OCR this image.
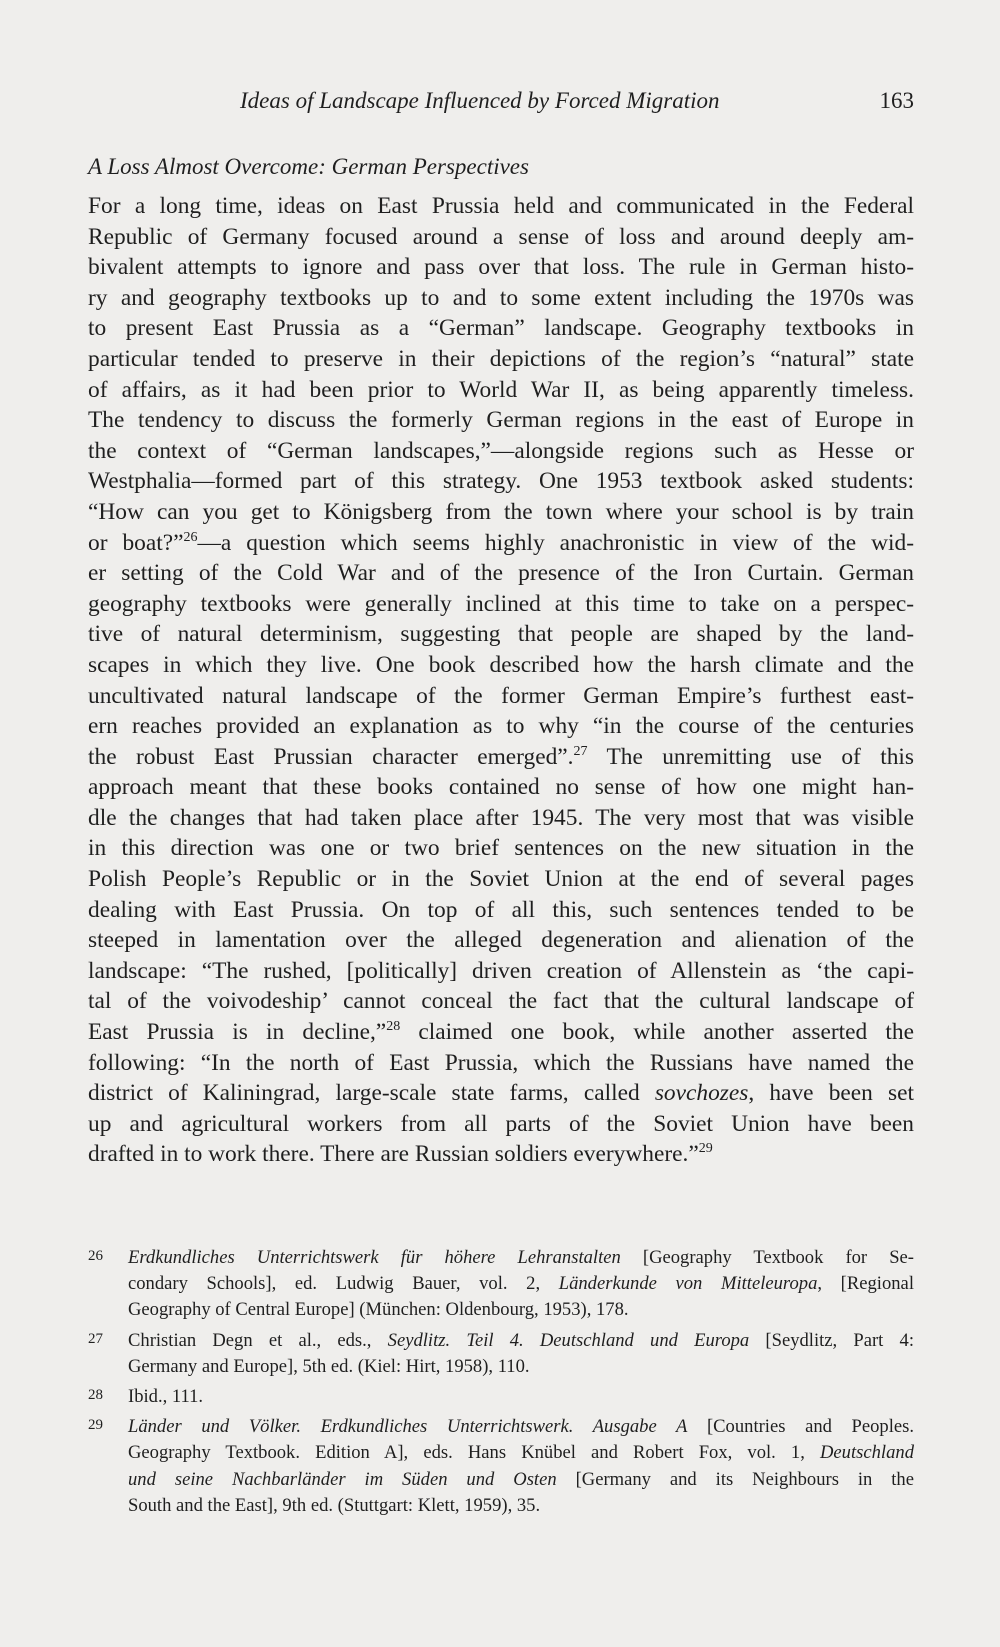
Ideas of Landscape Influenced by Forced Migration	163
A Loss Almost Overcome: German Perspectives
For a long time, ideas on East Prussia held and communicated in the Federal
Republic of Germany focused around a sense of loss and around deeply am-
bivalent attempts to ignore and pass over that loss. The rule in German histo-
ry and geography textbooks up to and to some extent including the 1970s was
to present East Prussia as a “German” landscape. Geography textbooks in
particular tended to preserve in their depictions of the region’s “natural” state
of affairs, as it had been prior to World War II, as being apparently timeless.
The tendency to discuss the formerly German regions in the east of Europe in
the context of “German landscapes,”—alongside regions such as Hesse or
Westphalia—formed part of this strategy. One 1953 textbook asked students:
“How can you get to Königsberg from the town where your school is by train
or boat?”$^{26}$—a question which seems highly anachronistic in view of the wid-
er setting of the Cold War and of the presence of the Iron Curtain. German
geography textbooks were generally inclined at this time to take on a perspec-
tive of natural determinism, suggesting that people are shaped by the land-
scapes in which they live. One book described how the harsh climate and the
uncultivated natural landscape of the former German Empire’s furthest east-
ern reaches provided an explanation as to why “in the course of the centuries
the robust East Prussian character emerged”.$^{27}$ The unremitting use of this
approach meant that these books contained no sense of how one might han-
dle the changes that had taken place after 1945. The very most that was visible
in this direction was one or two brief sentences on the new situation in the
Polish People’s Republic or in the Soviet Union at the end of several pages
dealing with East Prussia. On top of all this, such sentences tended to be
steeped in lamentation over the alleged degeneration and alienation of the
landscape: “The rushed, [politically] driven creation of Allenstein as ‘the capi-
tal of the voivodeship’ cannot conceal the fact that the cultural landscape of
East Prussia is in decline,”$^{28}$ claimed one book, while another asserted the
following: “In the north of East Prussia, which the Russians have named the
district of Kaliningrad, large-scale state farms, called sovchozes, have been set
up and agricultural workers from all parts of the Soviet Union have been
drafted in to work there. There are Russian soldiers everywhere.”$^{29}$
26 Erdkundliches Unterrichtswerk für höhere Lehranstalten [Geography Textbook for Se-
condary Schools], ed. Ludwig Bauer, vol. 2, Länderkunde von Mitteleuropa, [Regional
Geography of Central Europe] (München: Oldenbourg, 1953), 178.
27 Christian Degn et al., eds., Seydlitz. Teil 4. Deutschland und Europa [Seydlitz, Part 4:
Germany and Europe], 5th ed. (Kiel: Hirt, 1958), 110.
28 Ibid., 111.
29 Länder und Völker. Erdkundliches Unterrichtswerk. Ausgabe A [Countries and Peoples.
Geography Textbook. Edition A], eds. Hans Knübel and Robert Fox, vol. 1, Deutschland
und seine Nachbarländer im Süden und Osten [Germany and its Neighbours in the
South and the East], 9th ed. (Stuttgart: Klett, 1959), 35.
